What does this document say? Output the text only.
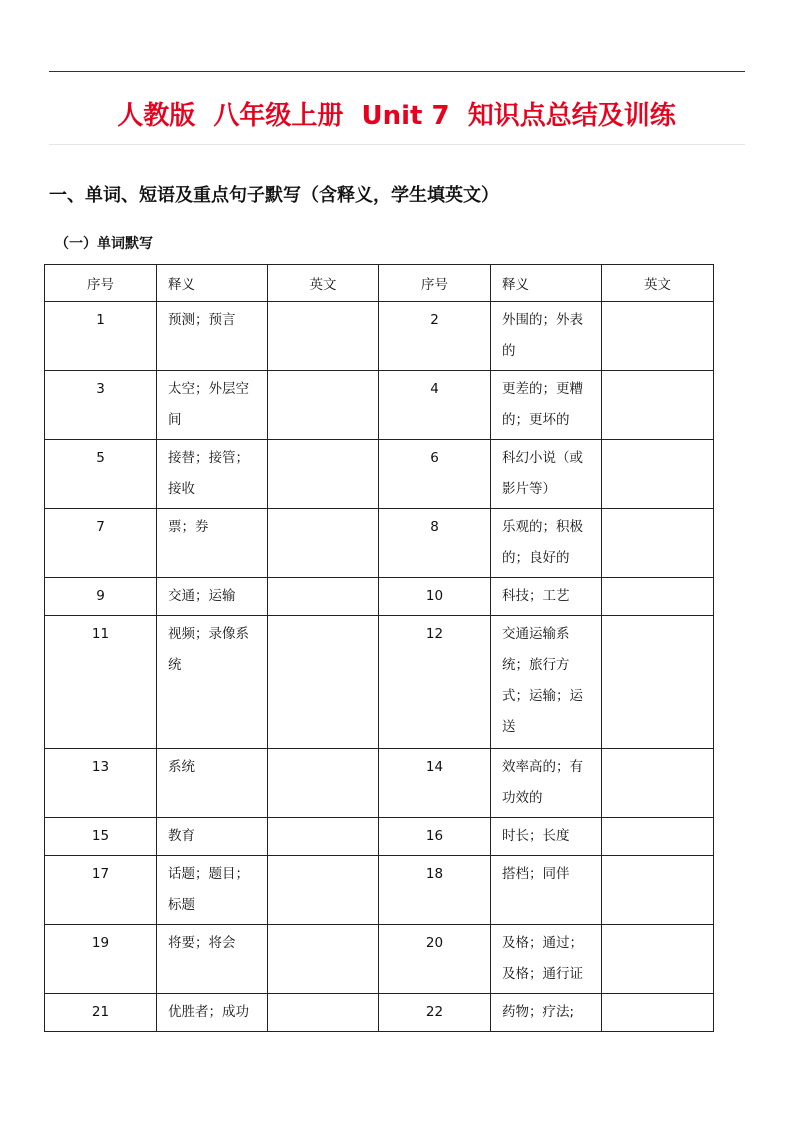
人教版  八年级上册  Unit 7  知识点总结及训练
一、单词、短语及重点句子默写（含释义，学生填英文）
（一）单词默写
序号	释义	英文	序号	释义	英文
1	预测；预言		2	外围的；外表的	
3	太空；外层空间		4	更差的；更糟的；更坏的	
5	接替；接管；接收		6	科幻小说（或影片等）	
7	票；券		8	乐观的；积极的；良好的	
9	交通；运输		10	科技；工艺	
11	视频；录像系统		12	交通运输系统；旅行方式；运输；运送	
13	系统		14	效率高的；有功效的	
15	教育		16	时长；长度	
17	话题；题目；标题		18	搭档；同伴	
19	将要；将会		20	及格；通过；及格；通行证	
21	优胜者；成功		22	药物；疗法;	
